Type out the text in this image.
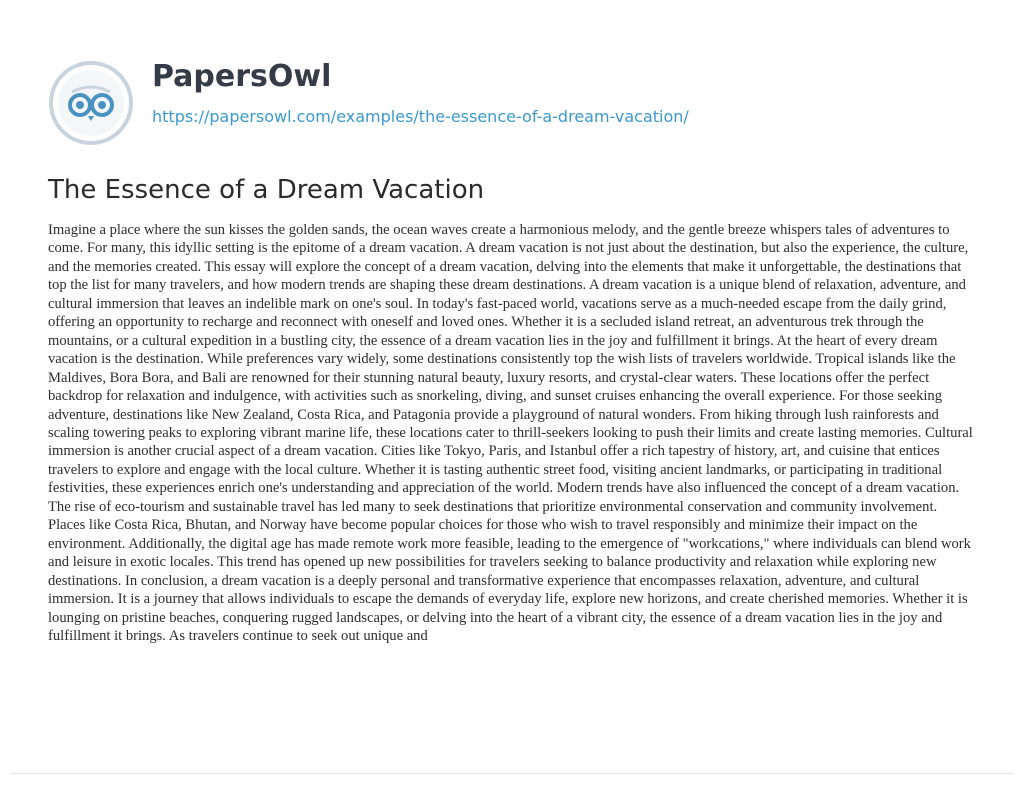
PapersOwl
https://papersowl.com/examples/the-essence-of-a-dream-vacation/
The Essence of a Dream Vacation

Imagine a place where the sun kisses the golden sands, the ocean waves create a harmonious melody, and the gentle breeze whispers tales of adventures to come. For many, this idyllic setting is the epitome of a dream vacation. A dream vacation is not just about the destination, but also the experience, the culture, and the memories created. This essay will explore the concept of a dream vacation, delving into the elements that make it unforgettable, the destinations that top the list for many travelers, and how modern trends are shaping these dream destinations. A dream vacation is a unique blend of relaxation, adventure, and cultural immersion that leaves an indelible mark on one's soul. In today's fast-paced world, vacations serve as a much-needed escape from the daily grind, offering an opportunity to recharge and reconnect with oneself and loved ones. Whether it is a secluded island retreat, an adventurous trek through the mountains, or a cultural expedition in a bustling city, the essence of a dream vacation lies in the joy and fulfillment it brings. At the heart of every dream vacation is the destination. While preferences vary widely, some destinations consistently top the wish lists of travelers worldwide. Tropical islands like the Maldives, Bora Bora, and Bali are renowned for their stunning natural beauty, luxury resorts, and crystal-clear waters. These locations offer the perfect backdrop for relaxation and indulgence, with activities such as snorkeling, diving, and sunset cruises enhancing the overall experience. For those seeking adventure, destinations like New Zealand, Costa Rica, and Patagonia provide a playground of natural wonders. From hiking through lush rainforests and scaling towering peaks to exploring vibrant marine life, these locations cater to thrill-seekers looking to push their limits and create lasting memories. Cultural immersion is another crucial aspect of a dream vacation. Cities like Tokyo, Paris, and Istanbul offer a rich tapestry of history, art, and cuisine that entices travelers to explore and engage with the local culture. Whether it is tasting authentic street food, visiting ancient landmarks, or participating in traditional festivities, these experiences enrich one's understanding and appreciation of the world. Modern trends have also influenced the concept of a dream vacation. The rise of eco-tourism and sustainable travel has led many to seek destinations that prioritize environmental conservation and community involvement. Places like Costa Rica, Bhutan, and Norway have become popular choices for those who wish to travel responsibly and minimize their impact on the environment. Additionally, the digital age has made remote work more feasible, leading to the emergence of "workcations," where individuals can blend work and leisure in exotic locales. This trend has opened up new possibilities for travelers seeking to balance productivity and relaxation while exploring new destinations. In conclusion, a dream vacation is a deeply personal and transformative experience that encompasses relaxation, adventure, and cultural immersion. It is a journey that allows individuals to escape the demands of everyday life, explore new horizons, and create cherished memories. Whether it is lounging on pristine beaches, conquering rugged landscapes, or delving into the heart of a vibrant city, the essence of a dream vacation lies in the joy and fulfillment it brings. As travelers continue to seek out unique and
